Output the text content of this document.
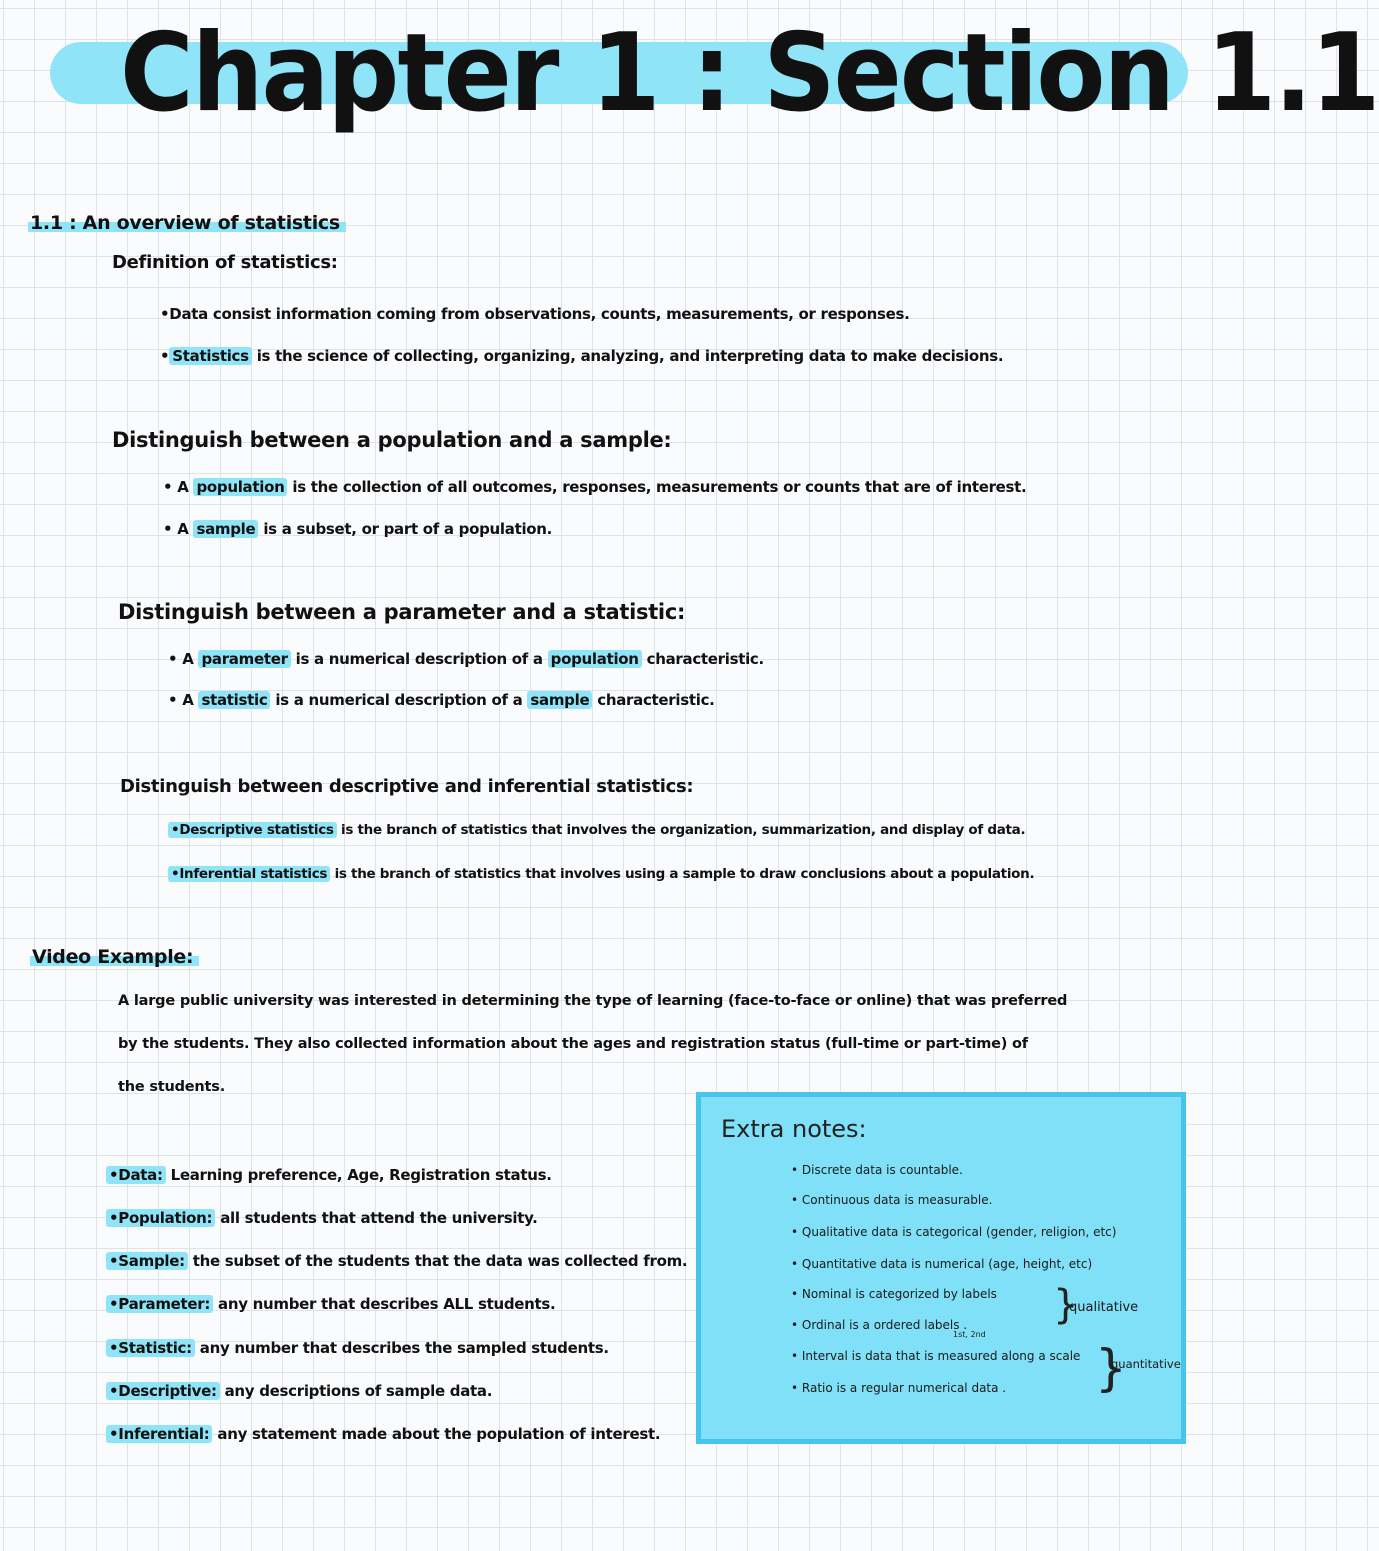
Chapter 1 : Section 1.1
1.1 : An overview of statistics
Definition of statistics:
•Data consist information coming from observations, counts, measurements, or responses.
• Statistics is the science of collecting, organizing, analyzing, and interpreting data to make decisions.
Distinguish between a population and a sample:
• A population is the collection of all outcomes, responses, measurements or counts that are of interest.
• A sample is a subset, or part of a population.
Distinguish between a parameter and a statistic:
• A parameter is a numerical description of a population characteristic.
• A statistic is a numerical description of a sample characteristic.
Distinguish between descriptive and inferential statistics:
•Descriptive statistics is the branch of statistics that involves the organization, summarization, and display of data.
•Inferential statistics is the branch of statistics that involves using a sample to draw conclusions about a population.
Video Example:
A large public university was interested in determining the type of learning (face-to-face or online) that was preferred
by the students. They also collected information about the ages and registration status (full-time or part-time) of
the students.
•Data: Learning preference, Age, Registration status.
•Population: all students that attend the university.
•Sample: the subset of the students that the data was collected from.
•Parameter: any number that describes ALL students.
•Statistic: any number that describes the sampled students.
•Descriptive: any descriptions of sample data.
•Inferential: any statement made about the population of interest.
Extra notes:
• Discrete data is countable.
• Continuous data is measurable.
• Qualitative data is categorical (gender, religion, etc)
• Quantitative data is numerical (age, height, etc)
• Nominal is categorized by labels
• Ordinal is a ordered labels .
1st, 2nd
• Interval is data that is measured along a scale
• Ratio is a regular numerical data .
}
qualitative
}
quantitative
